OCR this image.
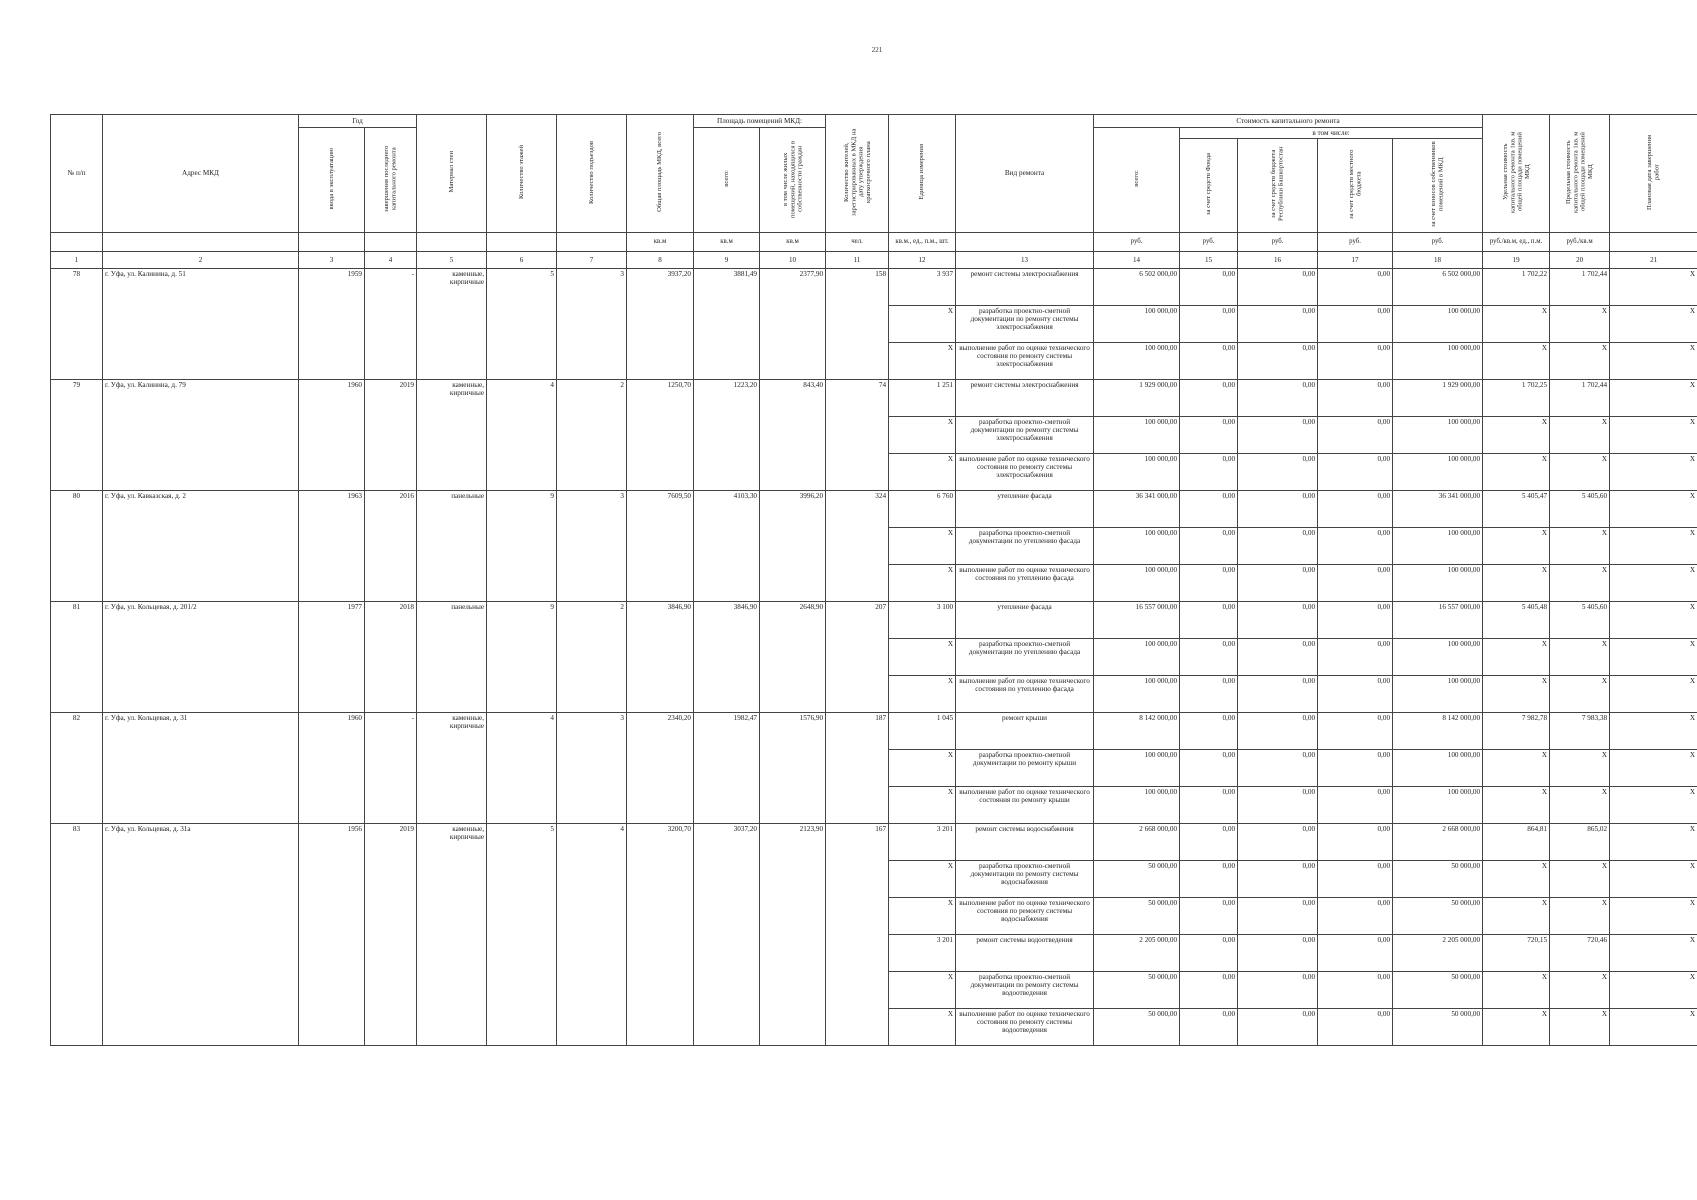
221
№ п/п	Адрес МКД	Год		Материал стен	Количество этажей	Количество подъездов	Общая площадь МКД, всего	Площадь помещений МКД:		Количество жителей, зарегистрированных в МКД на дату утверждения краткосрочного плана	Единица измерения	Вид ремонта	Стоимость капитального ремонта					Удельная стоимость капитального ремонта 1кв. м общей площади помещений МКД	Предельная стоимость капитального ремонта 1кв. м общей площади помещений МКД	Плановая дата завершения работ
		ввода в эксплуатацию	завершения последнего капитального ремонта					всего:	в том числе жилых помещений, находящихся в собственности граждан				всего:	в том числе:						
														за счет средств Фонда	за счет средств бюджета Республики Башкортостан	за счет средств местного бюджета	за счет взносов собственников помещений в МКД			
							кв.м	кв.м	кв.м	чел.	кв.м., ед., п.м., шт.		руб.	руб.	руб.	руб.	руб.	руб./кв.м, ед., п.м.	руб./кв.м	
1	2	3	4	5	6	7	8	9	10	11	12	13	14	15	16	17	18	19	20	21
78	г. Уфа, ул. Калинина, д. 51	1959	-	каменные, кирпичные	5	3	3937,20	3881,49	2377,90	158	3 937	ремонт системы электроснабжения	6 502 000,00	0,00	0,00	0,00	6 502 000,00	1 702,22	1 702,44	X
											X	разработка проектно-сметной документации по ремонту системы электроснабжения	100 000,00	0,00	0,00	0,00	100 000,00	X	X	X
											X	выполнение работ по оценке технического состояния по ремонту системы электроснабжения	100 000,00	0,00	0,00	0,00	100 000,00	X	X	X
79	г. Уфа, ул. Калинина, д. 79	1960	2019	каменные, кирпичные	4	2	1250,70	1223,20	843,40	74	1 251	ремонт системы электроснабжения	1 929 000,00	0,00	0,00	0,00	1 929 000,00	1 702,25	1 702,44	X
											X	разработка проектно-сметной документации по ремонту системы электроснабжения	100 000,00	0,00	0,00	0,00	100 000,00	X	X	X
											X	выполнение работ по оценке технического состояния по ремонту системы электроснабжения	100 000,00	0,00	0,00	0,00	100 000,00	X	X	X
80	г. Уфа, ул. Кавказская, д. 2	1963	2016	панельные	9	3	7609,50	4103,30	3996,20	324	6 760	утепление фасада	36 341 000,00	0,00	0,00	0,00	36 341 000,00	5 405,47	5 405,60	X
											X	разработка проектно-сметной документации по утеплению фасада	100 000,00	0,00	0,00	0,00	100 000,00	X	X	X
											X	выполнение работ по оценке технического состояния по утеплению фасада	100 000,00	0,00	0,00	0,00	100 000,00	X	X	X
81	г. Уфа, ул. Кольцевая, д. 201/2	1977	2018	панельные	9	2	3846,90	3846,90	2648,90	207	3 100	утепление фасада	16 557 000,00	0,00	0,00	0,00	16 557 000,00	5 405,48	5 405,60	X
											X	разработка проектно-сметной документации по утеплению фасада	100 000,00	0,00	0,00	0,00	100 000,00	X	X	X
											X	выполнение работ по оценке технического состояния по утеплению фасада	100 000,00	0,00	0,00	0,00	100 000,00	X	X	X
82	г. Уфа, ул. Кольцевая, д. 31	1960	-	каменные, кирпичные	4	3	2340,20	1982,47	1576,90	187	1 045	ремонт крыши	8 142 000,00	0,00	0,00	0,00	8 142 000,00	7 982,78	7 983,38	X
											X	разработка проектно-сметной документации по ремонту крыши	100 000,00	0,00	0,00	0,00	100 000,00	X	X	X
											X	выполнение работ по оценке технического состояния по ремонту крыши	100 000,00	0,00	0,00	0,00	100 000,00	X	X	X
83	г. Уфа, ул. Кольцевая, д. 31а	1956	2019	каменные, кирпичные	5	4	3200,70	3037,20	2123,90	167	3 201	ремонт системы водоснабжения	2 668 000,00	0,00	0,00	0,00	2 668 000,00	864,81	865,02	X
											X	разработка проектно-сметной документации по ремонту системы водоснабжения	50 000,00	0,00	0,00	0,00	50 000,00	X	X	X
											X	выполнение работ по оценке технического состояния по ремонту системы водоснабжения	50 000,00	0,00	0,00	0,00	50 000,00	X	X	X
											3 201	ремонт системы водоотведения	2 205 000,00	0,00	0,00	0,00	2 205 000,00	720,15	720,46	X
											X	разработка проектно-сметной документации по ремонту системы водоотведения	50 000,00	0,00	0,00	0,00	50 000,00	X	X	X
											X	выполнение работ по оценке технического состояния по ремонту системы водоотведения	50 000,00	0,00	0,00	0,00	50 000,00	X	X	X
